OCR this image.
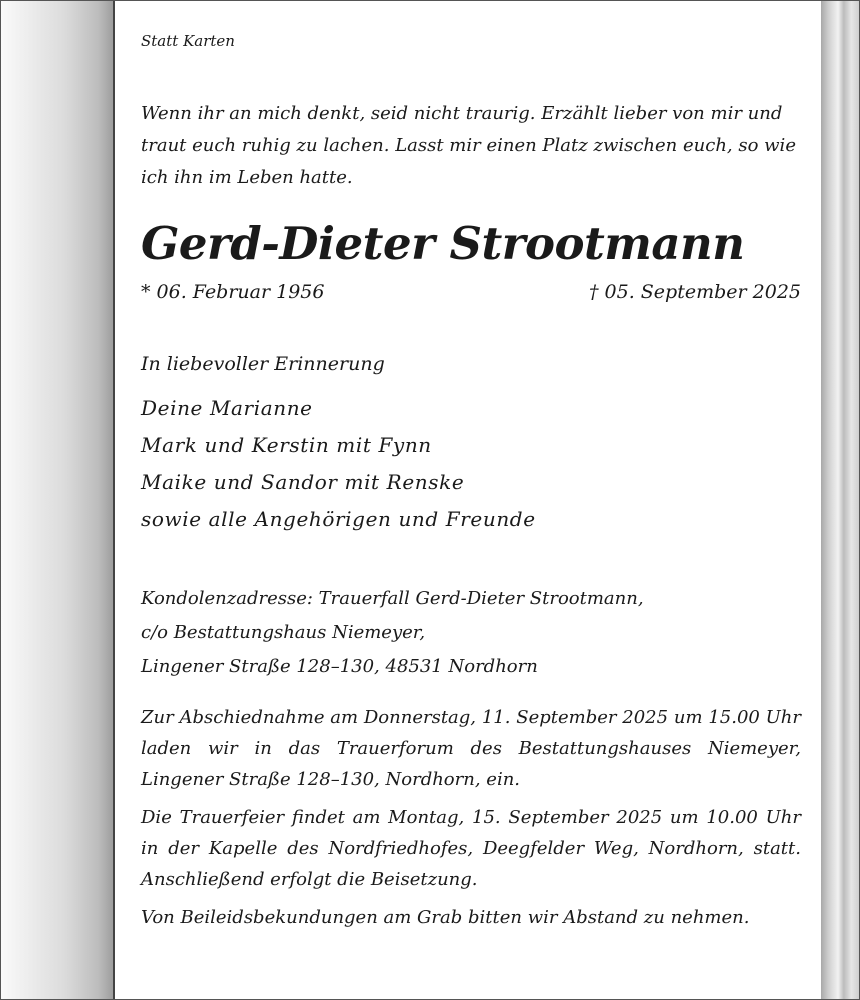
Statt Karten

Wenn ihr an mich denkt, seid nicht traurig. Erzählt lieber von mir und traut euch ruhig zu lachen. Lasst mir einen Platz zwischen euch, so wie ich ihn im Leben hatte.

Gerd-Dieter Strootmann
* 06. Februar 1956	† 05. September 2025

In liebevoller Erinnerung

Deine Marianne
Mark und Kerstin mit Fynn
Maike und Sandor mit Renske
sowie alle Angehörigen und Freunde
Kondolenzadresse: Trauerfall Gerd-Dieter Strootmann,
c/o Bestattungshaus Niemeyer,
Lingener Straße 128–130, 48531 Nordhorn

Zur Abschiednahme am Donnerstag, 11. September 2025 um 15.00 Uhr laden wir in das Trauerforum des Bestattungshauses Niemeyer, Lingener Straße 128–130, Nordhorn, ein.

Die Trauerfeier findet am Montag, 15. September 2025 um 10.00 Uhr in der Kapelle des Nordfriedhofes, Deegfelder Weg, Nordhorn, statt. Anschließend erfolgt die Beisetzung.

Von Beileidsbekundungen am Grab bitten wir Abstand zu nehmen.
